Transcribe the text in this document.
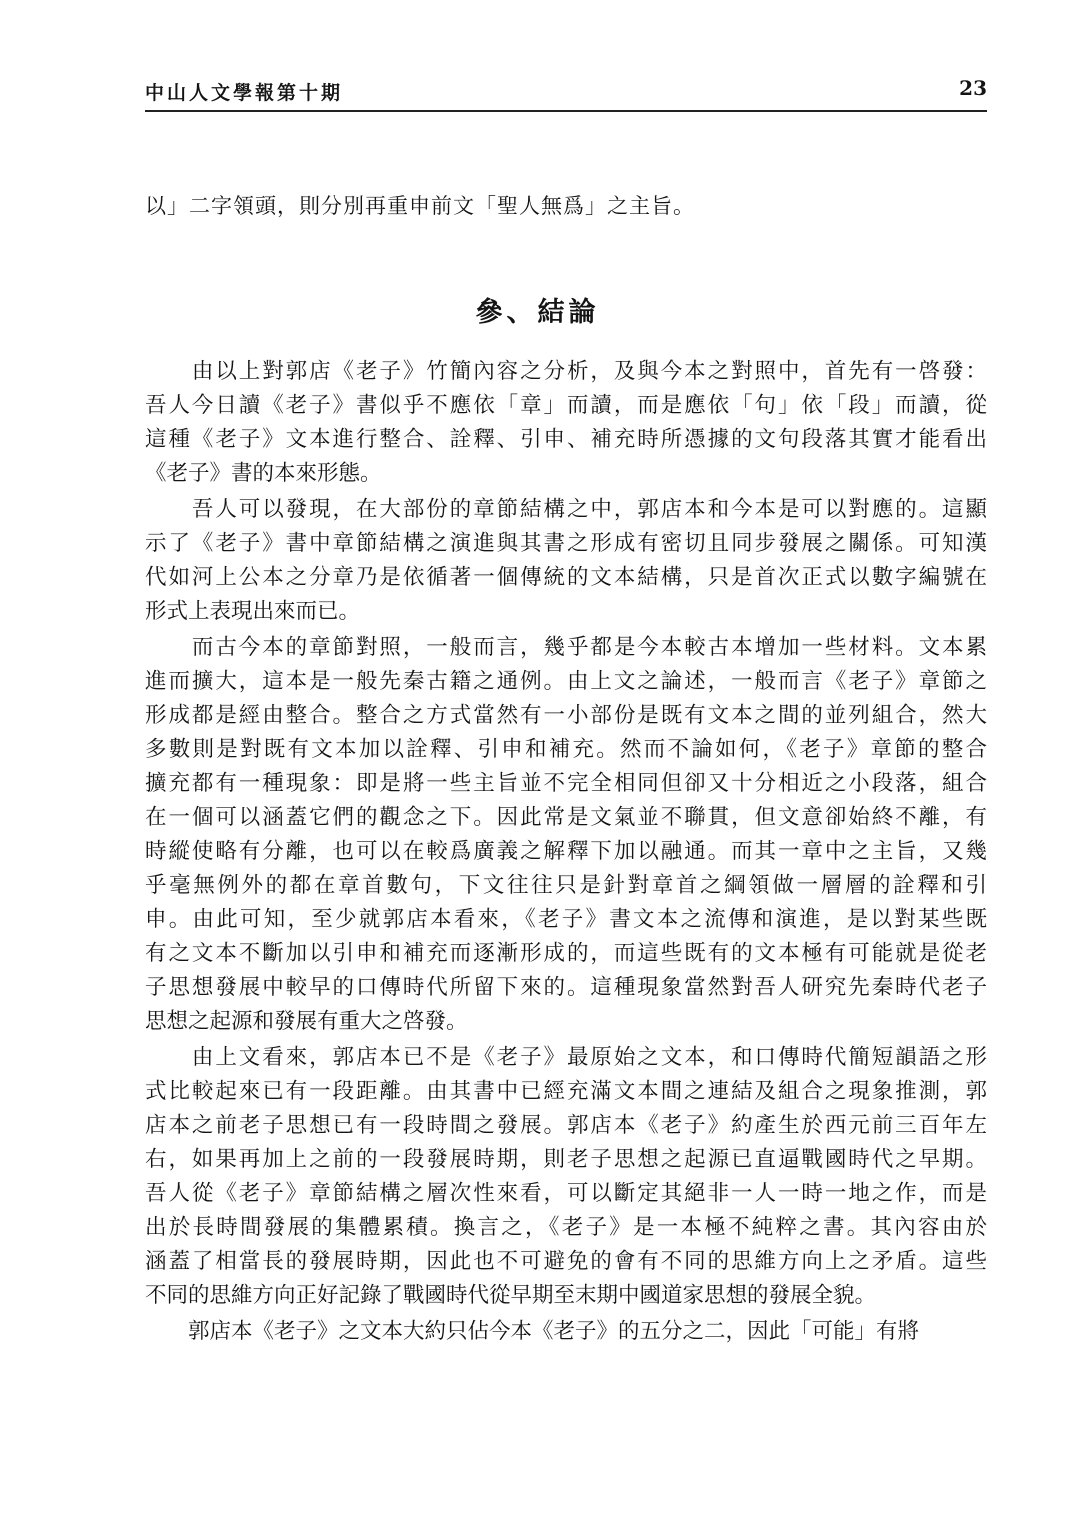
中山人文學報第十期	23
以」二字領頭，則分別再重申前文「聖人無爲」之主旨。
參、結論
　　由以上對郭店《老子》竹簡內容之分析，及與今本之對照中，首先有一啓發：
吾人今日讀《老子》書似乎不應依「章」而讀，而是應依「句」依「段」而讀，從
這種《老子》文本進行整合、詮釋、引申、補充時所憑據的文句段落其實才能看出
《老子》書的本來形態。
　　吾人可以發現，在大部份的章節結構之中，郭店本和今本是可以對應的。這顯
示了《老子》書中章節結構之演進與其書之形成有密切且同步發展之關係。可知漢
代如河上公本之分章乃是依循著一個傳統的文本結構，只是首次正式以數字編號在
形式上表現出來而已。
　　而古今本的章節對照，一般而言，幾乎都是今本較古本增加一些材料。文本累
進而擴大，這本是一般先秦古籍之通例。由上文之論述，一般而言《老子》章節之
形成都是經由整合。整合之方式當然有一小部份是既有文本之間的並列組合，然大
多數則是對既有文本加以詮釋、引申和補充。然而不論如何，《老子》章節的整合
擴充都有一種現象：即是將一些主旨並不完全相同但卻又十分相近之小段落，組合
在一個可以涵蓋它們的觀念之下。因此常是文氣並不聯貫，但文意卻始終不離，有
時縱使略有分離，也可以在較爲廣義之解釋下加以融通。而其一章中之主旨，又幾
乎毫無例外的都在章首數句，下文往往只是針對章首之綱領做一層層的詮釋和引
申。由此可知，至少就郭店本看來，《老子》書文本之流傳和演進，是以對某些既
有之文本不斷加以引申和補充而逐漸形成的，而這些既有的文本極有可能就是從老
子思想發展中較早的口傳時代所留下來的。這種現象當然對吾人研究先秦時代老子
思想之起源和發展有重大之啓發。
　　由上文看來，郭店本已不是《老子》最原始之文本，和口傳時代簡短韻語之形
式比較起來已有一段距離。由其書中已經充滿文本間之連結及組合之現象推測，郭
店本之前老子思想已有一段時間之發展。郭店本《老子》約產生於西元前三百年左
右，如果再加上之前的一段發展時期，則老子思想之起源已直逼戰國時代之早期。
吾人從《老子》章節結構之層次性來看，可以斷定其絕非一人一時一地之作，而是
出於長時間發展的集體累積。換言之，《老子》是一本極不純粹之書。其內容由於
涵蓋了相當長的發展時期，因此也不可避免的會有不同的思維方向上之矛盾。這些
不同的思維方向正好記錄了戰國時代從早期至末期中國道家思想的發展全貌。
　　郭店本《老子》之文本大約只佔今本《老子》的五分之二，因此「可能」有將
